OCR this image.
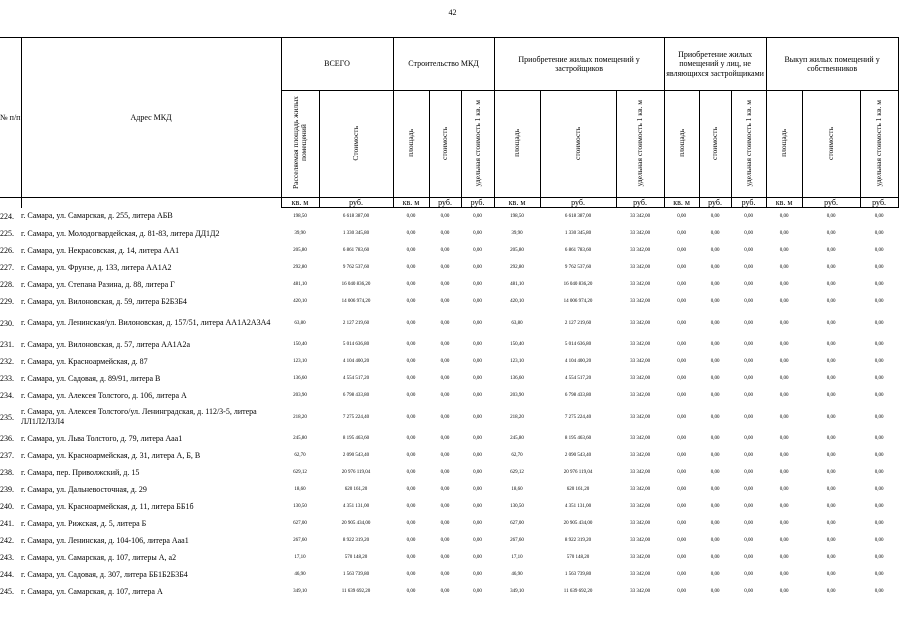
42
№ п/п	Адрес МКД	ВСЕГО		Строительство МКД			Приобретение жилых помещений у застройщиков			Приобретение жилых помещений у лиц, не являющихся застройщиками			Выкуп жилых помещений у собственников		
		Расселяемая площадь жилых помещений	Стоимость	площадь	стоимость	удельная стоимость 1 кв. м	площадь	стоимость	удельная стоимость 1 кв. м	площадь	стоимость	удельная стоимость 1 кв. м	площадь	стоимость	удельная стоимость 1 кв. м
		кв. м	руб.	кв. м	руб.	руб.	кв. м	руб.	руб.	кв. м	руб.	руб.	кв. м	руб.	руб.
224.	г. Самара, ул. Самарская, д. 255, литера АБВ	198,50	6 618 387,00	0,00	0,00	0,00	198,50	6 618 387,00	33 342,00	0,00	0,00	0,00	0,00	0,00	0,00
225.	г. Самара, ул. Молодогвардейская, д. 81-83, литера ДД1Д2	39,90	1 330 345,80	0,00	0,00	0,00	39,90	1 330 345,80	33 342,00	0,00	0,00	0,00	0,00	0,00	0,00
226.	г. Самара, ул. Некрасовская, д. 14, литера АА1	205,80	6 861 783,60	0,00	0,00	0,00	205,80	6 861 783,60	33 342,00	0,00	0,00	0,00	0,00	0,00	0,00
227.	г. Самара, ул. Фрунзе, д. 133, литера АА1А2	292,80	9 762 537,60	0,00	0,00	0,00	292,80	9 762 537,60	33 342,00	0,00	0,00	0,00	0,00	0,00	0,00
228.	г. Самара, ул. Степана Разина, д. 88, литера Г	481,10	16 040 836,20	0,00	0,00	0,00	481,10	16 040 836,20	33 342,00	0,00	0,00	0,00	0,00	0,00	0,00
229.	г. Самара, ул. Вилоновская, д. 59, литера Б2Б3Б4	420,10	14 006 974,20	0,00	0,00	0,00	420,10	14 006 974,20	33 342,00	0,00	0,00	0,00	0,00	0,00	0,00
230.	г. Самара, ул. Ленинская/ул. Вилоновская, д. 157/51, литера АА1А2А3А4	63,80	2 127 219,60	0,00	0,00	0,00	63,80	2 127 219,60	33 342,00	0,00	0,00	0,00	0,00	0,00	0,00
231.	г. Самара, ул. Вилоновская, д. 57, литера АА1А2а	150,40	5 014 636,80	0,00	0,00	0,00	150,40	5 014 636,80	33 342,00	0,00	0,00	0,00	0,00	0,00	0,00
232.	г. Самара, ул. Красноармейская, д. 87	123,10	4 104 400,20	0,00	0,00	0,00	123,10	4 104 400,20	33 342,00	0,00	0,00	0,00	0,00	0,00	0,00
233.	г. Самара, ул. Садовая, д. 89/91, литера В	136,60	4 554 517,20	0,00	0,00	0,00	136,60	4 554 517,20	33 342,00	0,00	0,00	0,00	0,00	0,00	0,00
234.	г. Самара, ул. Алексея Толстого, д. 106, литера А	203,90	6 798 433,80	0,00	0,00	0,00	203,90	6 798 433,80	33 342,00	0,00	0,00	0,00	0,00	0,00	0,00
235.	г. Самара, ул. Алексея Толстого/ул. Ленинградская, д. 112/3-5, литера ЛЛ1Л2Л3Л4	218,20	7 275 224,40	0,00	0,00	0,00	218,20	7 275 224,40	33 342,00	0,00	0,00	0,00	0,00	0,00	0,00
236.	г. Самара, ул. Льва Толстого, д. 79, литера Ааа1	245,80	8 195 463,60	0,00	0,00	0,00	245,80	8 195 463,60	33 342,00	0,00	0,00	0,00	0,00	0,00	0,00
237.	г. Самара, ул. Красноармейская, д. 31, литера А, Б, В	62,70	2 090 543,40	0,00	0,00	0,00	62,70	2 090 543,40	33 342,00	0,00	0,00	0,00	0,00	0,00	0,00
238.	г. Самара, пер. Приволжский, д. 15	629,12	20 976 119,04	0,00	0,00	0,00	629,12	20 976 119,04	33 342,00	0,00	0,00	0,00	0,00	0,00	0,00
239.	г. Самара, ул. Дальневосточная, д. 29	18,60	620 161,20	0,00	0,00	0,00	18,60	620 161,20	33 342,00	0,00	0,00	0,00	0,00	0,00	0,00
240.	г. Самара, ул. Красноармейская, д. 11, литера ББ1б	130,50	4 351 131,00	0,00	0,00	0,00	130,50	4 351 131,00	33 342,00	0,00	0,00	0,00	0,00	0,00	0,00
241.	г. Самара, ул. Рижская, д. 5, литера Б	627,00	20 905 434,00	0,00	0,00	0,00	627,00	20 905 434,00	33 342,00	0,00	0,00	0,00	0,00	0,00	0,00
242.	г. Самара, ул. Ленинская, д. 104-106, литера Ааа1	267,60	8 922 319,20	0,00	0,00	0,00	267,60	8 922 319,20	33 342,00	0,00	0,00	0,00	0,00	0,00	0,00
243.	г. Самара, ул. Самарская, д. 107, литеры А, а2	17,10	570 148,20	0,00	0,00	0,00	17,10	570 148,20	33 342,00	0,00	0,00	0,00	0,00	0,00	0,00
244.	г. Самара, ул. Садовая, д. 307, литера ББ1Б2Б3Б4	46,90	1 563 739,80	0,00	0,00	0,00	46,90	1 563 739,80	33 342,00	0,00	0,00	0,00	0,00	0,00	0,00
245.	г. Самара, ул. Самарская, д. 107, литера А	349,10	11 639 692,20	0,00	0,00	0,00	349,10	11 639 692,20	33 342,00	0,00	0,00	0,00	0,00	0,00	0,00
